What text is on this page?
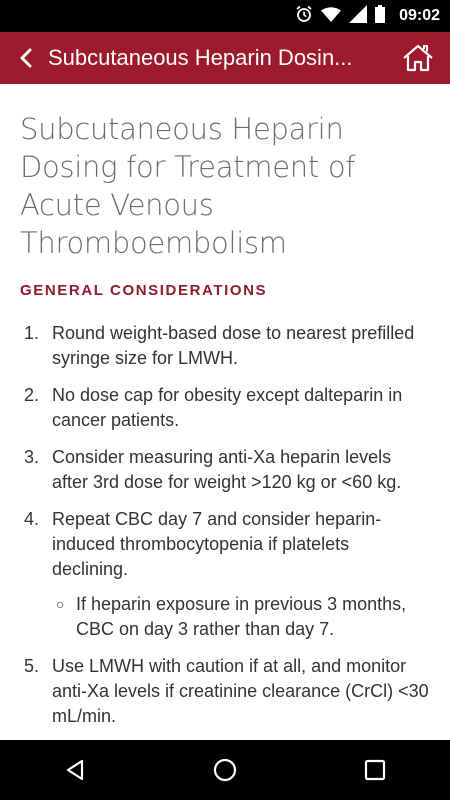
09:02
Subcutaneous Heparin Dosin...
Subcutaneous Heparin Dosing for Treatment of Acute Venous Thromboembolism
GENERAL CONSIDERATIONS
1. Round weight-based dose to nearest prefilled syringe size for LMWH.
2. No dose cap for obesity except dalteparin in cancer patients.
3. Consider measuring anti-Xa heparin levels after 3rd dose for weight >120 kg or <60 kg.
4. Repeat CBC day 7 and consider heparin-induced thrombocytopenia if platelets declining.
○ If heparin exposure in previous 3 months, CBC on day 3 rather than day 7.
5. Use LMWH with caution if at all, and monitor anti-Xa levels if creatinine clearance (CrCl) <30 mL/min.
